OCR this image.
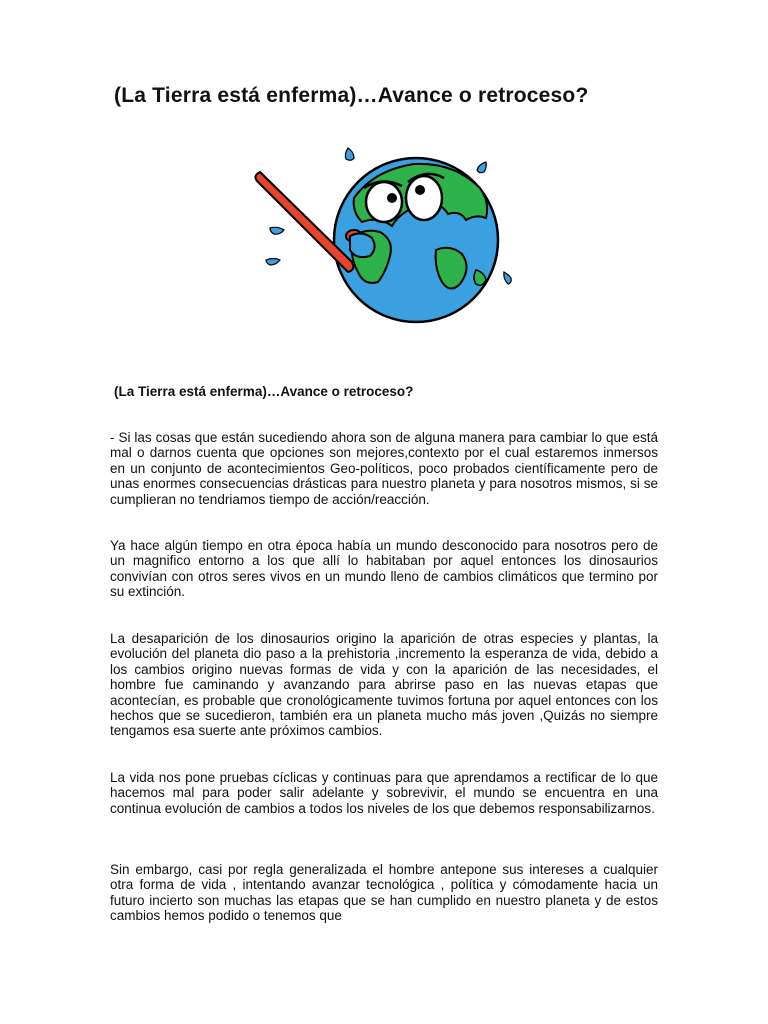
(La Tierra está enferma)…Avance o retroceso?

(La Tierra está enferma)…Avance o retroceso?

- Si las cosas que están sucediendo ahora son de alguna manera para cambiar lo que está mal o darnos cuenta que opciones son mejores,contexto por el cual estaremos inmersos en un conjunto de acontecimientos Geo-políticos, poco probados científicamente pero de unas enormes consecuencias drásticas para nuestro planeta y para nosotros mismos, si se cumplieran no tendriamos tiempo de acción/reacción.

Ya hace algún tiempo en otra época había un mundo desconocido para nosotros pero de un magnifico entorno a los que allí lo habitaban por aquel entonces los dinosaurios convivían con otros seres vivos en un mundo lleno de cambios climáticos que termino por su extinción.

La desaparición de los dinosaurios origino la aparición de otras especies y plantas, la evolución del planeta dio paso a la prehistoria ,incremento la esperanza de vida, debido a los cambios origino nuevas formas de vida y con la aparición de las necesidades, el hombre fue caminando y avanzando para abrirse paso en las nuevas etapas que acontecían, es probable que cronológicamente tuvimos fortuna por aquel entonces con los hechos que se sucedieron, también era un planeta mucho más joven ,Quizás no siempre tengamos esa suerte ante próximos cambios.

La vida nos pone pruebas cíclicas y continuas para que aprendamos a rectificar de lo que hacemos mal para poder salir adelante y sobrevivir, el mundo se encuentra en una continua evolución de cambios a todos los niveles de los que debemos responsabilizarnos.

Sin embargo, casi por regla generalizada el hombre antepone sus intereses a cualquier otra forma de vida , intentando avanzar tecnológica , política y cómodamente hacia un futuro incierto son muchas las etapas que se han cumplido en nuestro planeta y de estos cambios hemos podido o tenemos que
